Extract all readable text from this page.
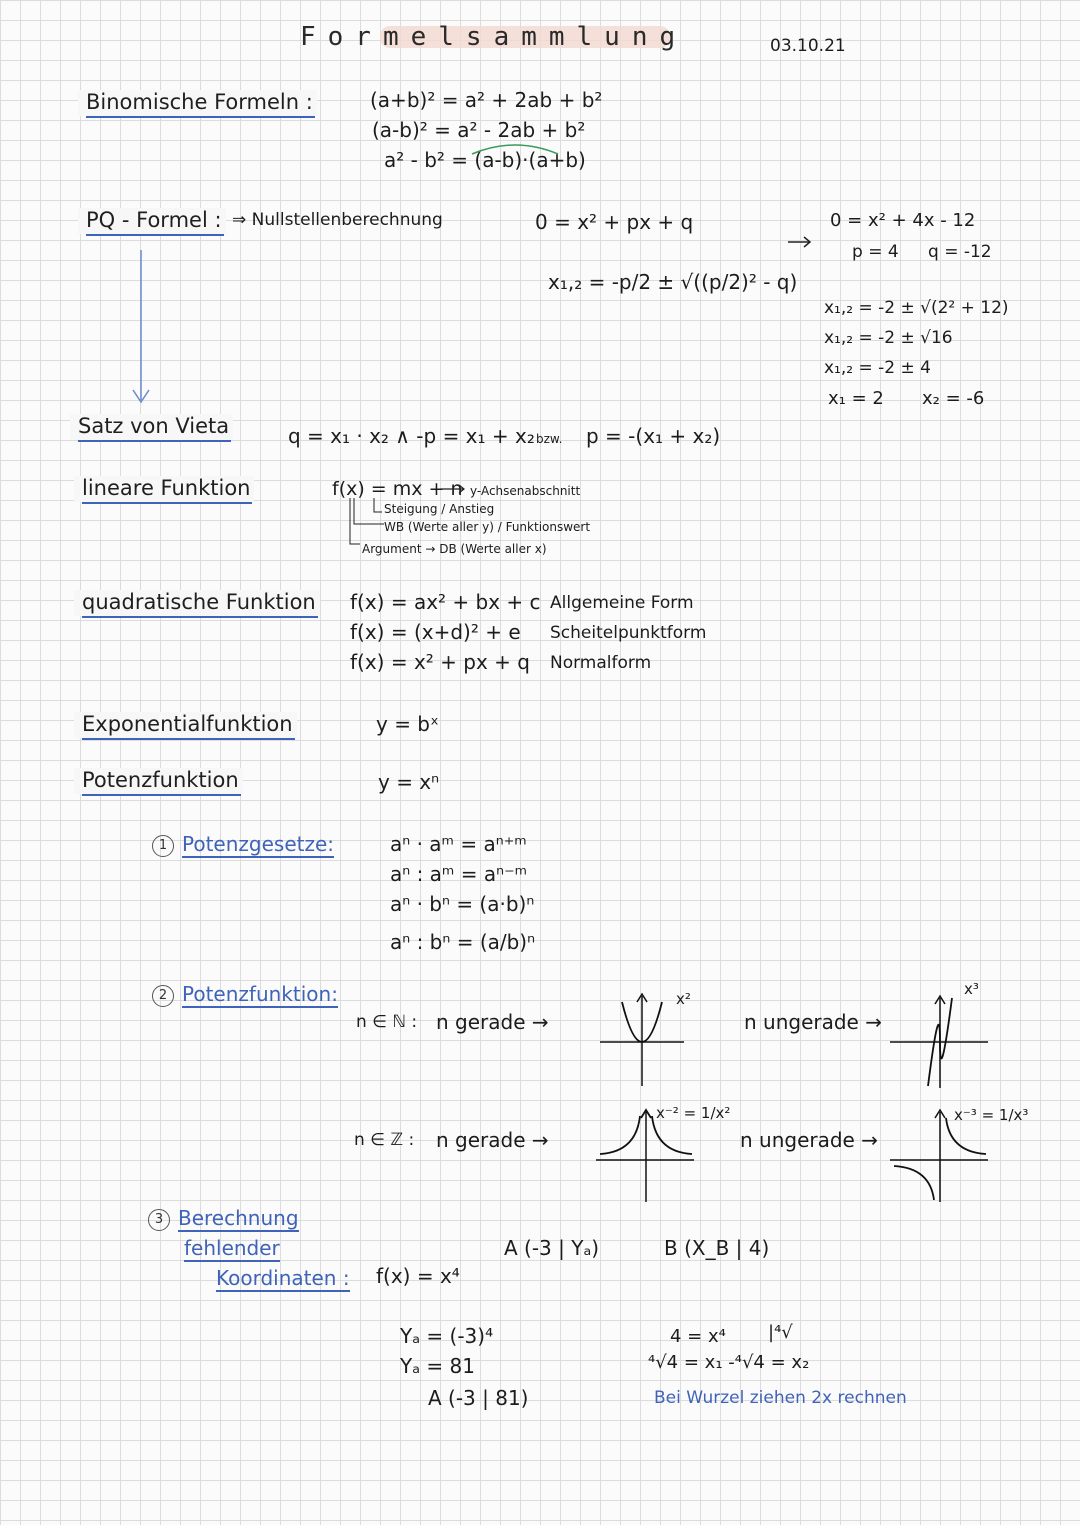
Formelsammlung	03.10.21
Binomische Formeln :	(a+b)² = a² + 2ab + b²
(a-b)² = a² - 2ab + b²
a² - b² = (a-b)·(a+b)
PQ - Formel : ⇒ Nullstellenberechnung	0 = x² + px + q
x₁,₂ = -p/2 ± √((p/2)² - q)
0 = x² + 4x - 12
p = 4 q = -12
x₁,₂ = -2 ± √(2² + 12)
x₁,₂ = -2 ± √16
x₁,₂ = -2 ± 4
x₁ = 2 x₂ = -6
Satz von Vieta	q = x₁ · x₂ ∧ -p = x₁ + x₂ bzw. p = -(x₁ + x₂)
lineare Funktion	f(x) = mx + n y-Achsenabschnitt
Steigung / Anstieg
WB (Werte aller y) / Funktionswert
Argument → DB (Werte aller x)
quadratische Funktion f(x) = ax² + bx + c Allgemeine Form
f(x) = (x+d)² + e Scheitelpunktform
f(x) = x² + px + q Normalform
Exponentialfunktion	y = bˣ
Potenzfunktion	y = xⁿ
1 Potenzgesetze:	aⁿ · aᵐ = aⁿ⁺ᵐ
aⁿ : aᵐ = aⁿ⁻ᵐ
aⁿ · bⁿ = (a·b)ⁿ
aⁿ : bⁿ = (a/b)ⁿ
2 Potenzfunktion:
n ∈ ℕ : n gerade →	n ungerade →
n ∈ ℤ : n gerade →	n ungerade →
x²
x³
x⁻² = 1/x²	x⁻³ = 1/x³
3 Berechnung
fehlender
Koordinaten : f(x) = x⁴
A (-3 | Yₐ)	B (X_B | 4)
Yₐ = (-3)⁴
Yₐ = 81
A (-3 | 81)
4 = x⁴ |⁴√
⁴√4 = x₁ -⁴√4 = x₂
Bei Wurzel ziehen 2x rechnen
